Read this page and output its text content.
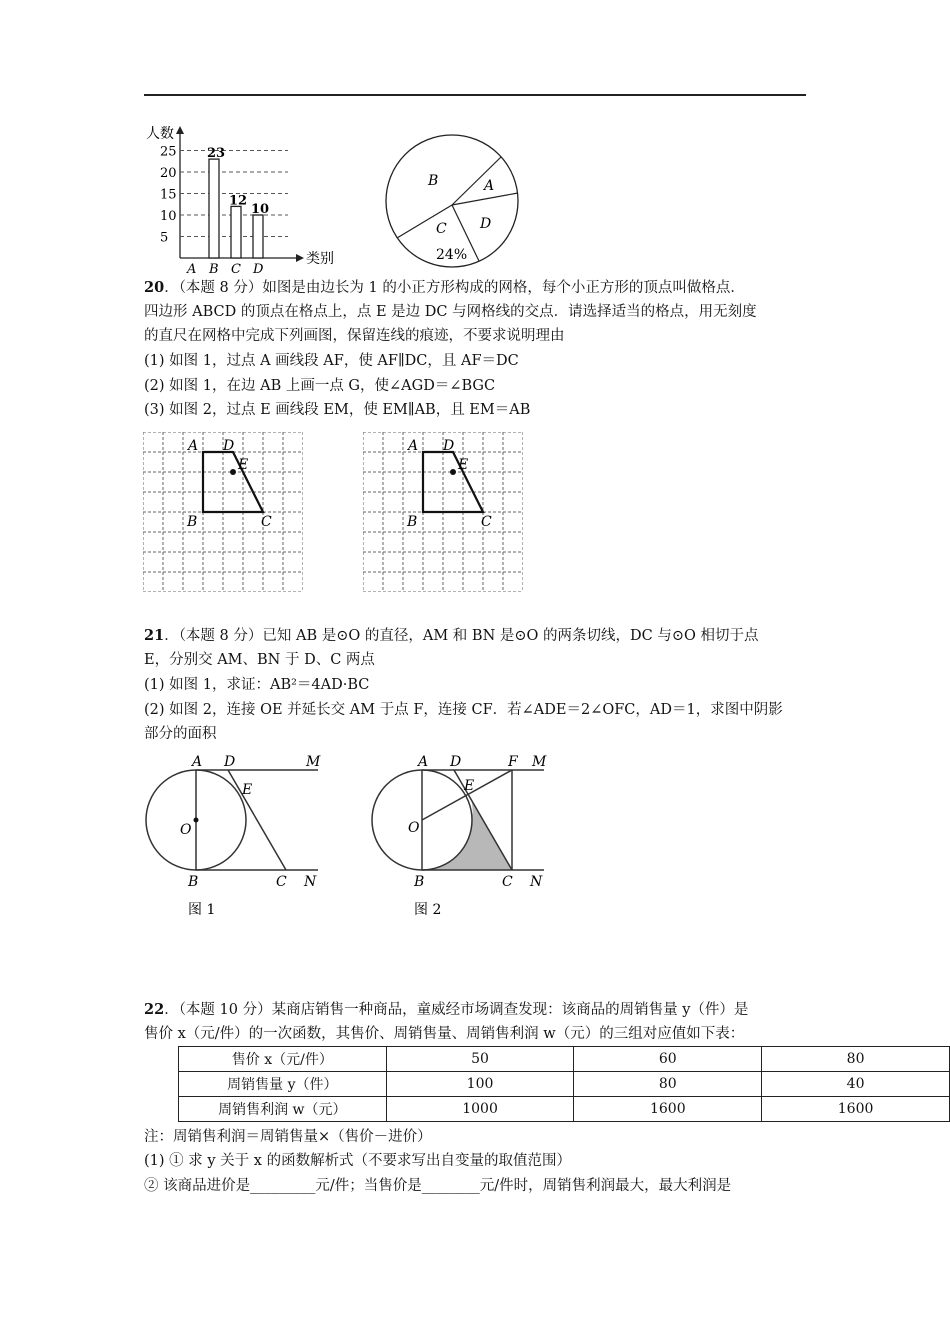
人数
类别
23
12
10
5
10
15
20
25
A B C D
B	A
C D
24%
20．（本题 8 分）如图是由边长为 1 的小正方形构成的网格，每个小正方形的顶点叫做格点．
四边形 ABCD 的顶点在格点上，点 E 是边 DC 与网格线的交点．请选择适当的格点，用无刻度
的直尺在网格中完成下列画图，保留连线的痕迹，不要求说明理由
(1) 如图 1，过点 A 画线段 AF，使 AF∥DC，且 AF＝DC
(2) 如图 1，在边 AB 上画一点 G，使∠AGD＝∠BGC
(3) 如图 2，过点 E 画线段 EM，使 EM∥AB，且 EM＝AB
A D
E
B	C
A D
E
B	C
21．（本题 8 分）已知 AB 是⊙O 的直径，AM 和 BN 是⊙O 的两条切线，DC 与⊙O 相切于点
E，分别交 AM、BN 于 D、C 两点
(1) 如图 1，求证：AB²＝4AD·BC
(2) 如图 2，连接 OE 并延长交 AM 于点 F，连接 CF．若∠ADE＝2∠OFC，AD＝1，求图中阴影
部分的面积
A D	M
E
O
B	C N
图 1
A D	F M
E
O
B	C N
图 2
22．（本题 10 分）某商店销售一种商品，童威经市场调查发现：该商品的周销售量 y（件）是
售价 x（元/件）的一次函数，其售价、周销售量、周销售利润 w（元）的三组对应值如下表：
售价 x（元/件）	50	60	80
周销售量 y（件）	100	80	40
周销售利润 w（元）	1000	1600	1600
注：周销售利润＝周销售量×（售价－进价）
(1) ① 求 y 关于 x 的函数解析式（不要求写出自变量的取值范围）
② 该商品进价是_________元/件；当售价是________元/件时，周销售利润最大，最大利润是
